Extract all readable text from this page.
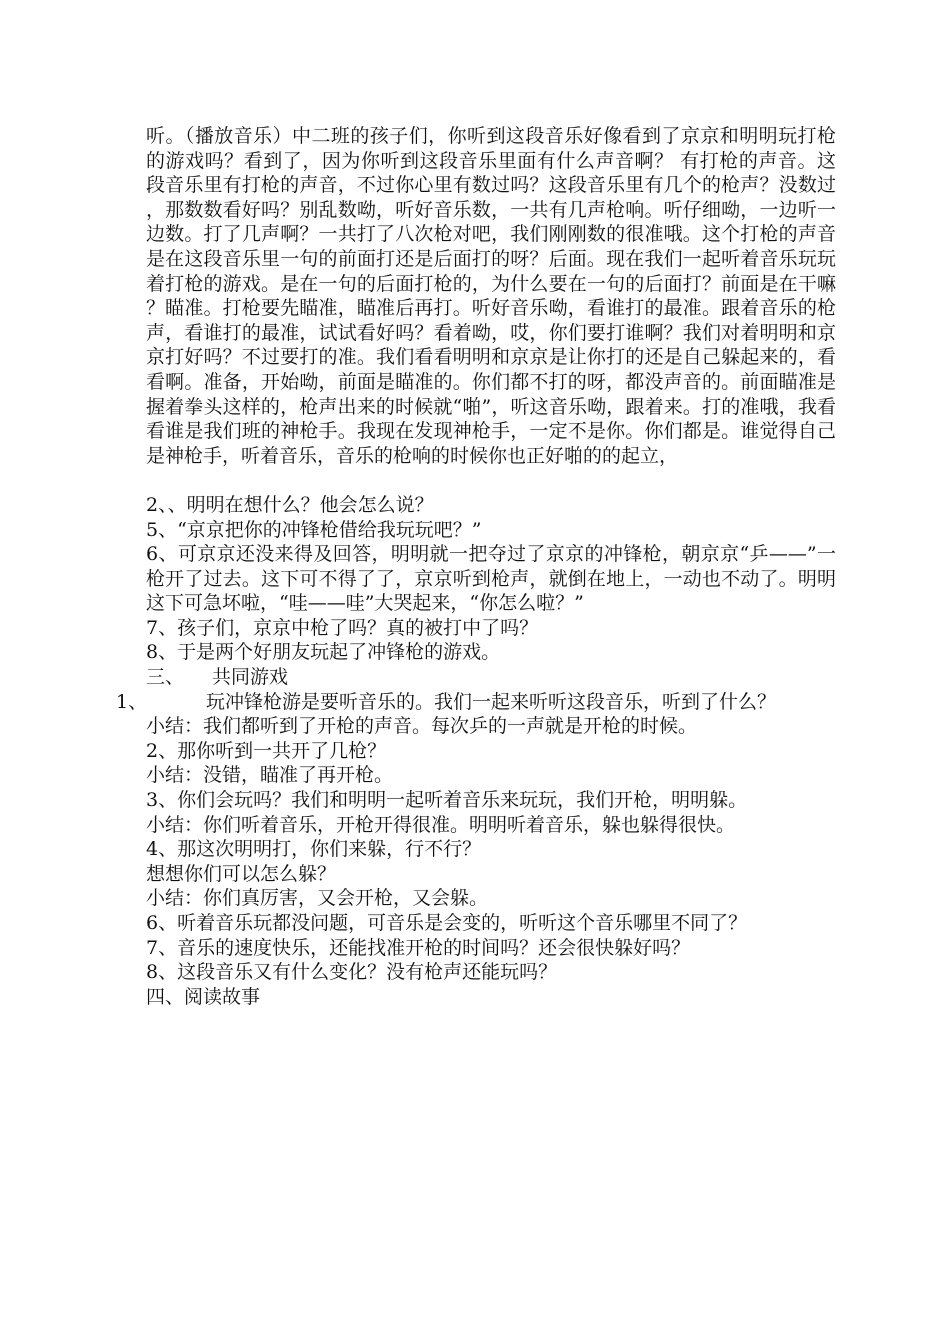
听。（播放音乐）中二班的孩子们，你听到这段音乐好像看到了京京和明明玩打枪的游戏吗？看到了，因为你听到这段音乐里面有什么声音啊？ 有打枪的声音。这段音乐里有打枪的声音，不过你心里有数过吗？这段音乐里有几个的枪声？没数过，那数数看好吗？别乱数呦，听好音乐数，一共有几声枪响。听仔细呦，一边听一边数。打了几声啊？一共打了八次枪对吧，我们刚刚数的很准哦。这个打枪的声音是在这段音乐里一句的前面打还是后面打的呀？后面。现在我们一起听着音乐玩玩着打枪的游戏。是在一句的后面打枪的，为什么要在一句的后面打？前面是在干嘛？瞄准。打枪要先瞄准，瞄准后再打。听好音乐呦，看谁打的最准。跟着音乐的枪声，看谁打的最准，试试看好吗？看着呦，哎，你们要打谁啊？我们对着明明和京京打好吗？不过要打的准。我们看看明明和京京是让你打的还是自己躲起来的，看看啊。准备，开始呦，前面是瞄准的。你们都不打的呀，都没声音的。前面瞄准是握着拳头这样的，枪声出来的时候就“啪”，听这音乐呦，跟着来。打的准哦，我看看谁是我们班的神枪手。我现在发现神枪手，一定不是你。你们都是。谁觉得自己是神枪手，听着音乐，音乐的枪响的时候你也正好啪的的起立，

2、、明明在想什么？他会怎么说？

5、“京京把你的冲锋枪借给我玩玩吧？”

6、可京京还没来得及回答，明明就一把夺过了京京的冲锋枪，朝京京“乒——”一枪开了过去。这下可不得了了，京京听到枪声，就倒在地上，一动也不动了。明明这下可急坏啦，“哇——哇”大哭起来，“你怎么啦？”

7、孩子们，京京中枪了吗？真的被打中了吗？

8、于是两个好朋友玩起了冲锋枪的游戏。

三、 共同游戏

1、	玩冲锋枪游是要听音乐的。我们一起来听听这段音乐，听到了什么？

小结：我们都听到了开枪的声音。每次乒的一声就是开枪的时候。

2、那你听到一共开了几枪？

小结：没错，瞄准了再开枪。

3、你们会玩吗？我们和明明一起听着音乐来玩玩，我们开枪，明明躲。

小结：你们听着音乐，开枪开得很准。明明听着音乐，躲也躲得很快。

4、那这次明明打，你们来躲，行不行？

想想你们可以怎么躲？

小结：你们真厉害，又会开枪，又会躲。

6、听着音乐玩都没问题，可音乐是会变的，听听这个音乐哪里不同了？

7、音乐的速度快乐，还能找准开枪的时间吗？还会很快躲好吗？

8、这段音乐又有什么变化？没有枪声还能玩吗？

四、阅读故事
